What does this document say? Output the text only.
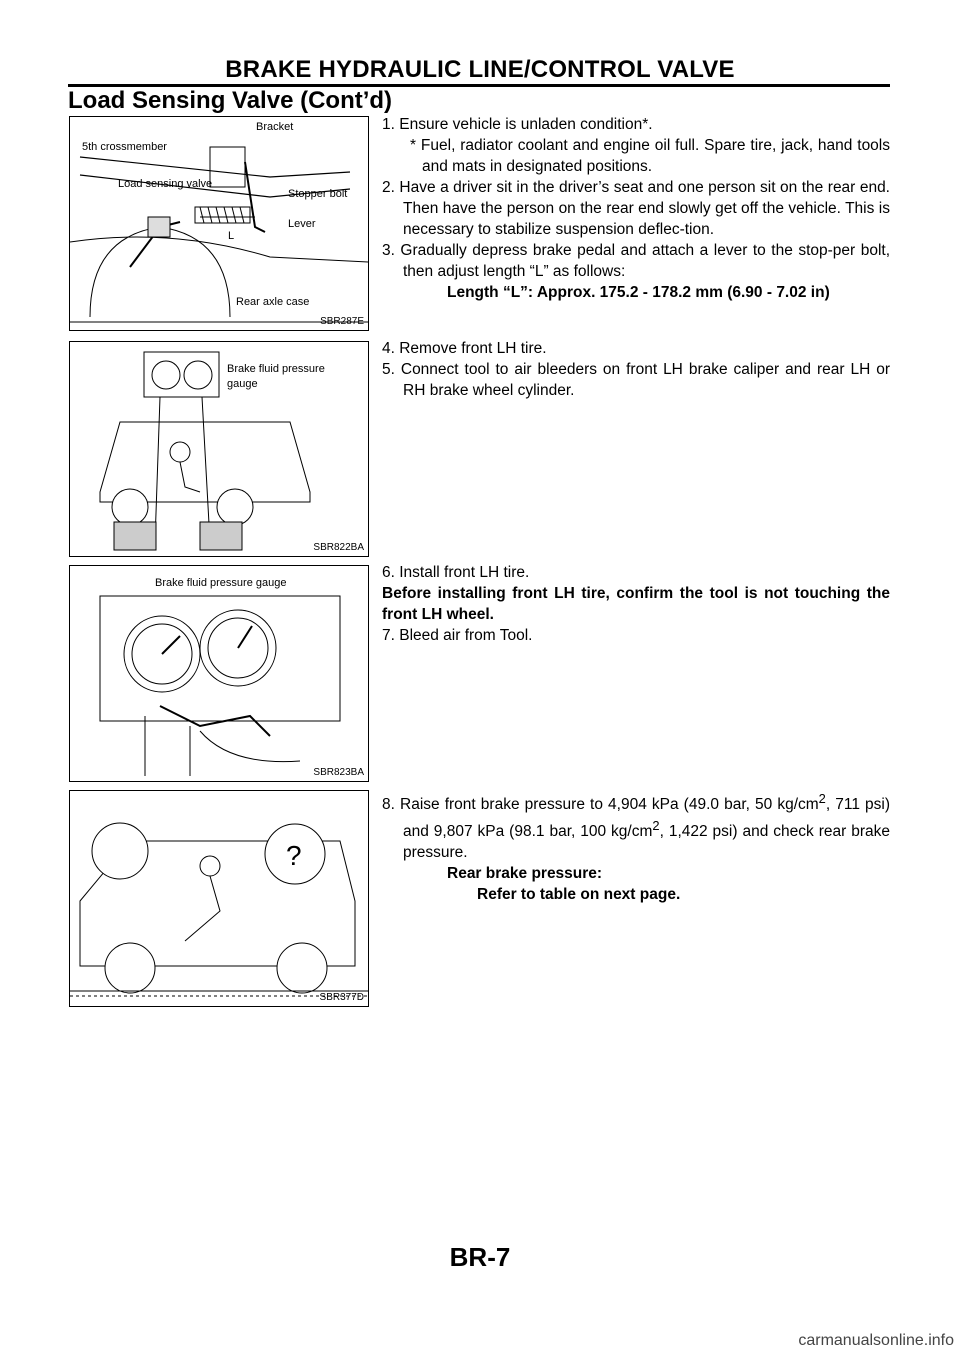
BRAKE HYDRAULIC LINE/CONTROL VALVE
Load Sensing Valve (Cont’d)
5th crossmember
Bracket
Load sensing valve
Stopper bolt
Lever
L
Rear axle case
SBR287E
Brake fluid pressure
gauge
SBR822BA
Brake fluid pressure gauge
SBR823BA
?
SBR377D

1. Ensure vehicle is unladen condition*.

* Fuel, radiator coolant and engine oil full. Spare tire, jack, hand tools and mats in designated positions.

2. Have a driver sit in the driver’s seat and one person sit on the rear end. Then have the person on the rear end slowly get off the vehicle. This is necessary to stabilize suspension deflec-tion.

3. Gradually depress brake pedal and attach a lever to the stop-per bolt, then adjust length “L” as follows:

Length “L”: Approx. 175.2 - 178.2 mm (6.90 - 7.02 in)

4. Remove front LH tire.

5. Connect tool to air bleeders on front LH brake caliper and rear LH or RH brake wheel cylinder.

6. Install front LH tire.

Before installing front LH tire, confirm the tool is not touching the front LH wheel.

7. Bleed air from Tool.

8. Raise front brake pressure to 4,904 kPa (49.0 bar, 50 $kg/cm^2$, 711 psi) and 9,807 kPa (98.1 bar, 100 $kg/cm^2$, 1,422 psi) and check rear brake pressure.

Rear brake pressure:

Refer to table on next page.

BR-7
carmanualsonline.info
